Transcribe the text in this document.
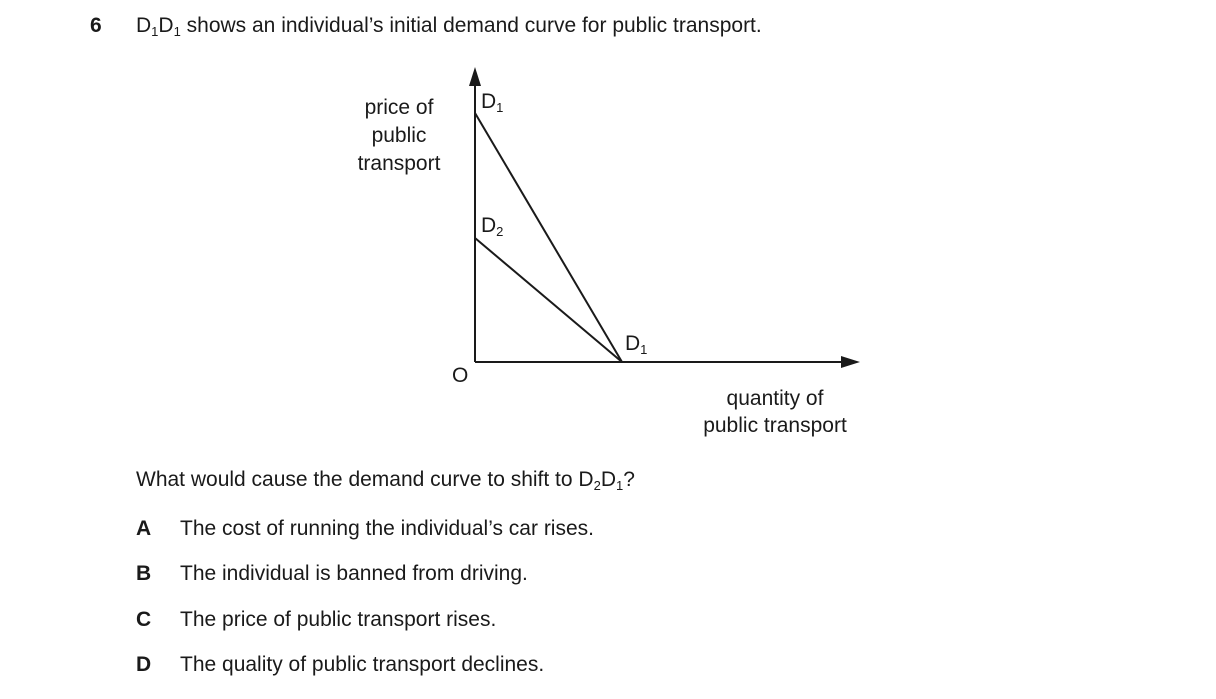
6 $D_1D_1$ shows an individual’s initial demand curve for public transport.
price of
public
transport
quantity of
public transport
O
$D_1$
$D_2$
$D_1$
What would cause the demand curve to shift to $D_2D_1$?
A The cost of running the individual’s car rises.
B The individual is banned from driving.
C The price of public transport rises.
D The quality of public transport declines.
